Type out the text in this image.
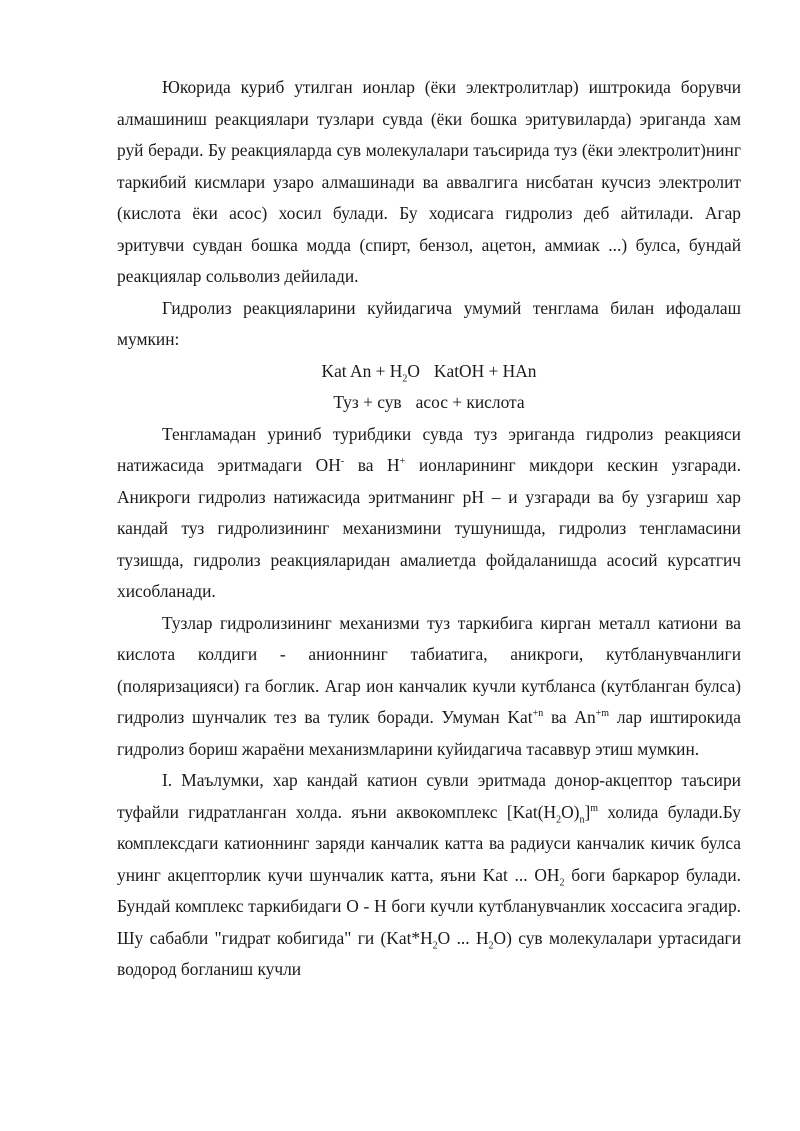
Юкорида куриб утилган ионлар (ёки электролитлар) иштрокида борувчи алмашиниш реакциялари тузлари сувда (ёки бошка эритувиларда) эриганда хам руй беради. Бу реакцияларда сув молекулалари таъсирида туз (ёки электролит)нинг таркибий кисмлари узаро алмашинади ва аввалгига нисбатан кучсиз электролит (кислота ёки асос) хосил булади. Бу ходисага гидролиз деб айтилади. Агар эритувчи сувдан бошка модда (спирт, бензол, ацетон, аммиак ...) булса, бундай реакциялар сольволиз дейилади.

Гидролиз реакцияларини куйидагича умумий тенглама билан ифодалаш мумкин:

Kat $An + H_2O$ KatOH + HAn

Туз + сув асос + кислота

Тенгламадан уриниб турибдики сувда туз эриганда гидролиз реакцияси натижасида эритмадаги OH- ва H+ ионларининг микдори кескин узгаради. Аникроги гидролиз натижасида эритманинг pH – и узгаради ва бу узгариш хар кандай туз гидролизининг механизмини тушунишда, гидролиз тенгламасини тузишда, гидролиз реакцияларидан амалиетда фойдаланишда асосий курсатгич хисобланади.

Тузлар гидролизининг механизми туз таркибига кирган металл катиони ва кислота колдиги - анионнинг табиатига, аникроги, кутбланувчанлиги (поляризацияси) га боглик. Агар ион канчалик кучли кутбланса (кутбланган булса) гидролиз шунчалик тез ва тулик боради. Умуман Kat$^{+n}$ ва $An^{+m}$ лар иштирокида гидролиз бориш жараёни механизмларини куйидагича тасаввур этиш мумкин.

I. Маълумки, хар кандай катион сувли эритмада донор-акцептор таъсири туфайли гидратланган холда. яъни аквокомплекс $[Kat(H_2O)_n]^m$ холида булади.Бу комплексдаги катионнинг заряди канчалик катта ва радиуси канчалик кичик булса унинг акцепторлик кучи шунчалик катта, яъни Kat ... $OH_2$ боги баркарор булади. Бундай комплекс таркибидаги O - H боги кучли кутбланувчанлик хоссасига эгадир. Шу сабабли "гидрат кобигида" ги ($Kat*H_2O$ ... $H_2O$) сув молекулалари уртасидаги водород богланиш кучли
